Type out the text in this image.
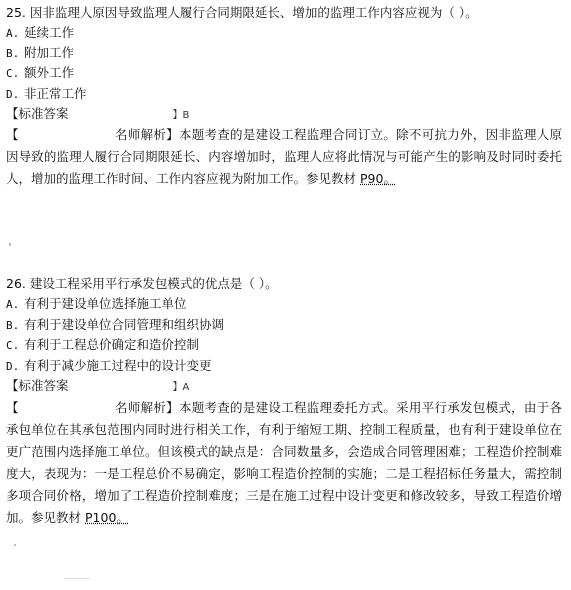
25. 因非监理人原因导致监理人履行合同期限延长、增加的监理工作内容应视为（ ）。
A. 延续工作
B. 附加工作
C. 额外工作
D. 非正常工作
【标准答案	】B
【	名师解析】本题考查的是建设工程监理合同订立。除不可抗力外，因非监理人原因导致的监理人履行合同期限延长、内容增加时，监理人应将此情况与可能产生的影响及时同时委托人，增加的监理工作时间、工作内容应视为附加工作。参见教材 P90。
26. 建设工程采用平行承发包模式的优点是（ ）。
A. 有利于建设单位选择施工单位
B. 有利于建设单位合同管理和组织协调
C. 有利于工程总价确定和造价控制
D. 有利于减少施工过程中的设计变更
【标准答案	】A
【	名师解析】本题考查的是建设工程监理委托方式。采用平行承发包模式，由于各承包单位在其承包范围内同时进行相关工作，有利于缩短工期、控制工程质量，也有利于建设单位在更广范围内选择施工单位。但该模式的缺点是：合同数量多，会造成合同管理困难；工程造价控制难度大，表现为：一是工程总价不易确定，影响工程造价控制的实施；二是工程招标任务量大，需控制多项合同价格，增加了工程造价控制难度；三是在施工过程中设计变更和修改较多，导致工程造价增加。参见教材 P100。
